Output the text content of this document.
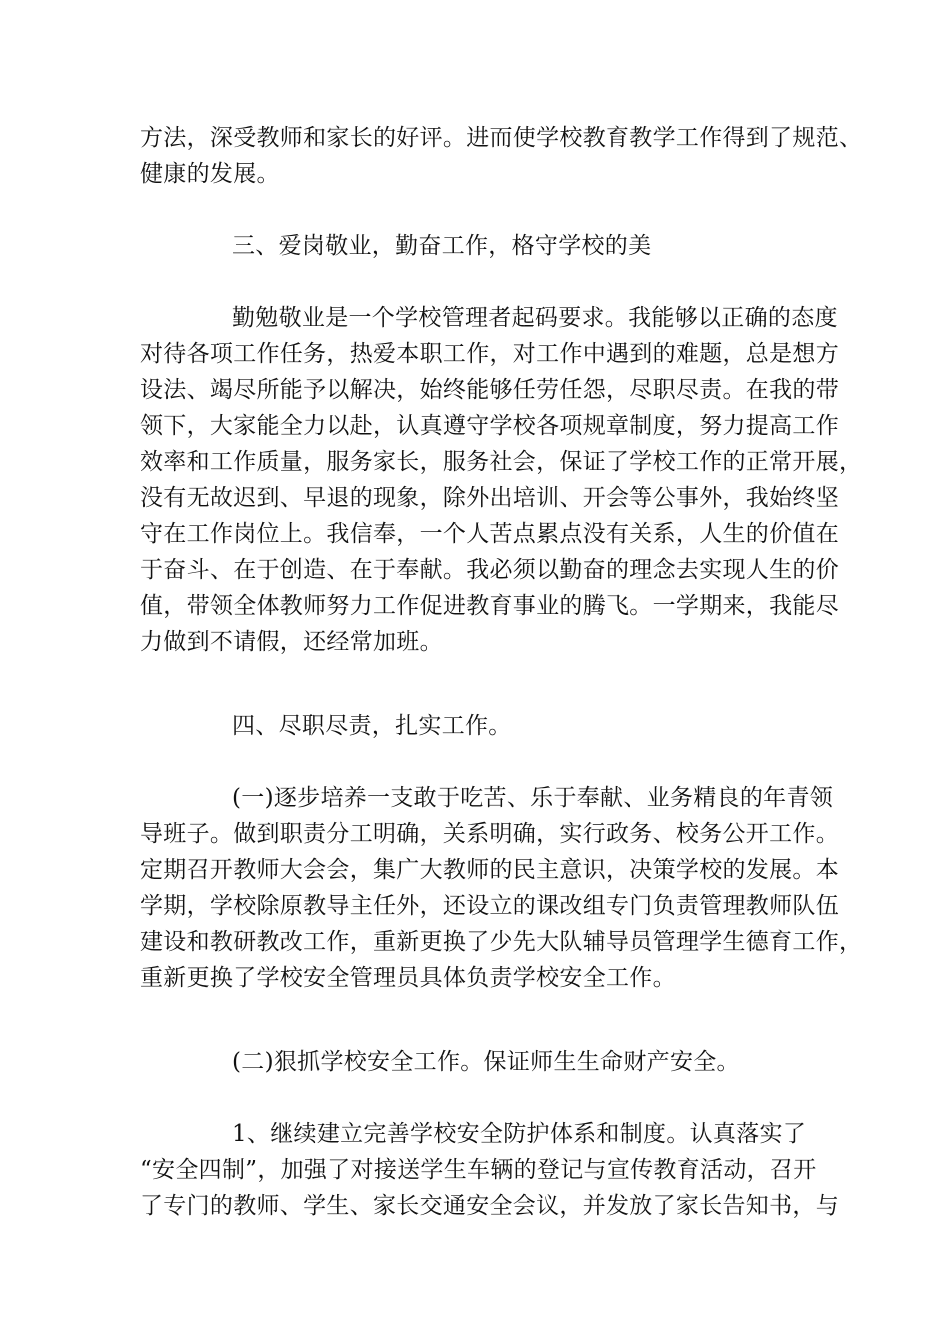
方法，深受教师和家长的好评。进而使学校教育教学工作得到了规范、
健康的发展。
三、爱岗敬业，勤奋工作，格守学校的美
勤勉敬业是一个学校管理者起码要求。我能够以正确的态度
对待各项工作任务，热爱本职工作，对工作中遇到的难题，总是想方
设法、竭尽所能予以解决，始终能够任劳任怨，尽职尽责。在我的带
领下，大家能全力以赴，认真遵守学校各项规章制度，努力提高工作
效率和工作质量，服务家长，服务社会，保证了学校工作的正常开展，
没有无故迟到、早退的现象，除外出培训、开会等公事外，我始终坚
守在工作岗位上。我信奉，一个人苦点累点没有关系，人生的价值在
于奋斗、在于创造、在于奉献。我必须以勤奋的理念去实现人生的价
值，带领全体教师努力工作促进教育事业的腾飞。一学期来，我能尽
力做到不请假，还经常加班。
四、尽职尽责，扎实工作。
(一)逐步培养一支敢于吃苦、乐于奉献、业务精良的年青领
导班子。做到职责分工明确，关系明确，实行政务、校务公开工作。
定期召开教师大会会，集广大教师的民主意识，决策学校的发展。本
学期，学校除原教导主任外，还设立的课改组专门负责管理教师队伍
建设和教研教改工作，重新更换了少先大队辅导员管理学生德育工作，
重新更换了学校安全管理员具体负责学校安全工作。
(二)狠抓学校安全工作。保证师生生命财产安全。
1、继续建立完善学校安全防护体系和制度。认真落实了
“安全四制”，加强了对接送学生车辆的登记与宣传教育活动，召开
了专门的教师、学生、家长交通安全会议，并发放了家长告知书，与
